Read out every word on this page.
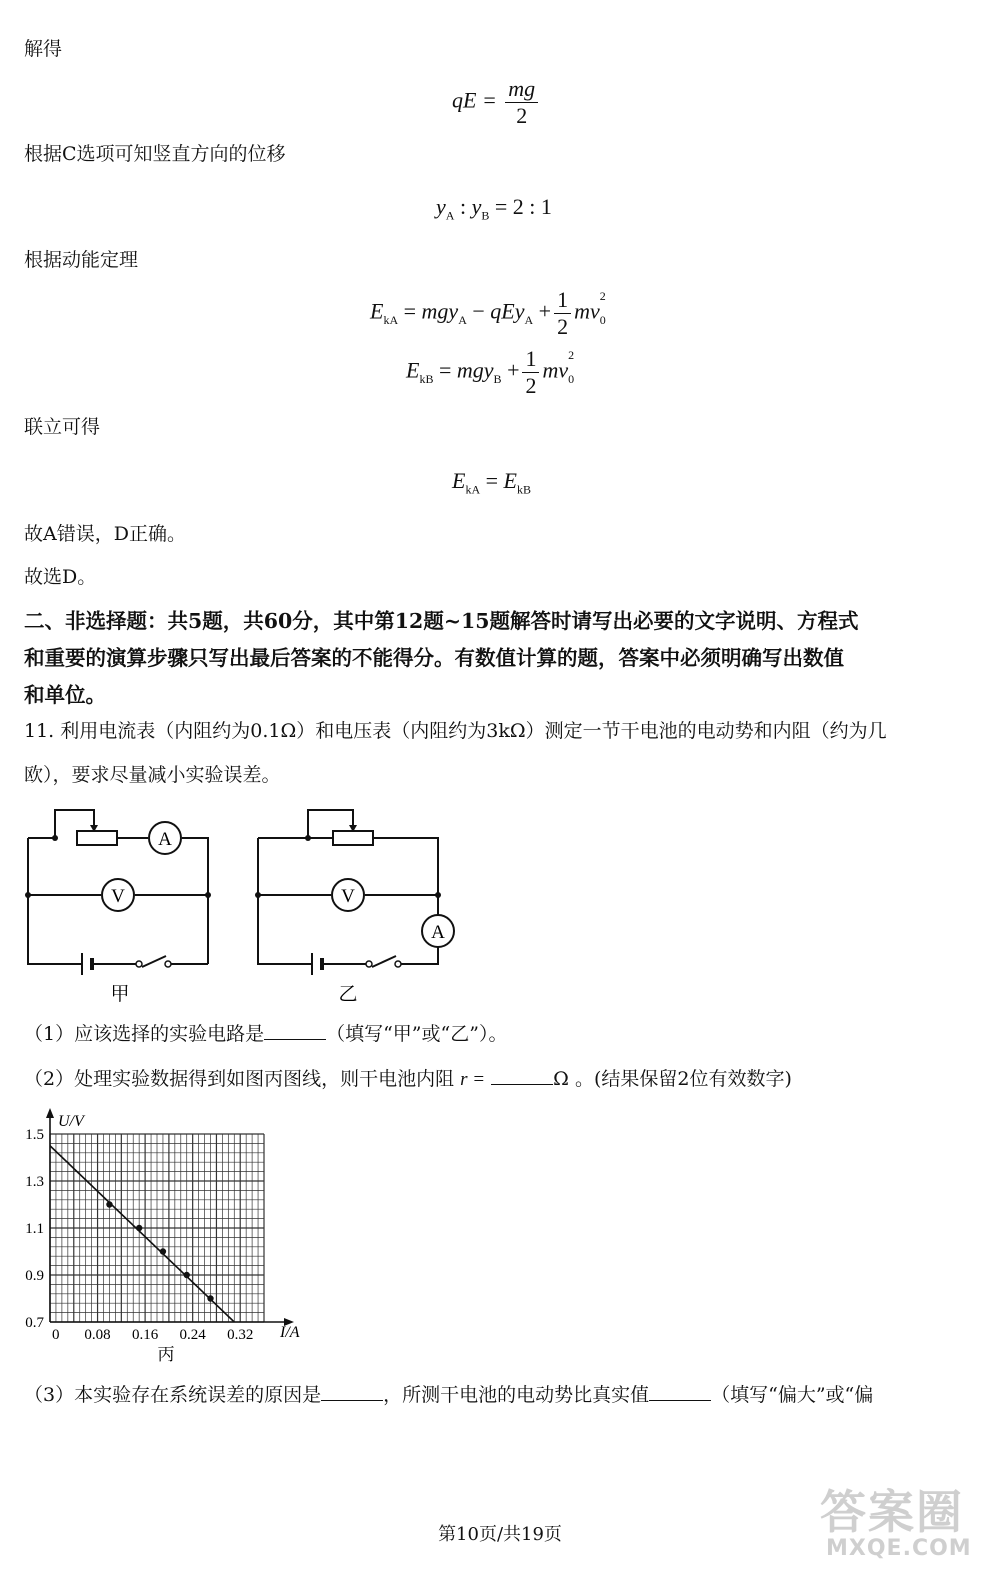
解得
qE = $\frac{mg}{2}$
根据C选项可知竖直方向的位移
$y_A$ : $y_B = 2$ : 1
根据动能定理
$E_{kA} = mgy_A - qEy_A + \frac{1}{2} mv_0^2$
$E_{kB} = mgy_B + \frac{1}{2} mv_0^2$
联立可得
$E_{kA} = E_{kB}$
故A错误，D正确。
故选D。
二、非选择题：共5题，共60分，其中第12题~15题解答时请写出必要的文字说明、方程式
和重要的演算步骤只写出最后答案的不能得分。有数值计算的题，答案中必须明确写出数值
和单位。
11. 利用电流表（内阻约为0.1Ω）和电压表（内阻约为3kΩ）测定一节干电池的电动势和内阻（约为几
欧），要求尽量减小实验误差。
A
V
甲
V
A
乙
（1）应该选择的实验电路是	（填写“甲”或“乙”）。
（2）处理实验数据得到如图丙图线，则干电池内阻 r =	Ω 。(结果保留2位有效数字)
1.5
1.3
1.1
0.9
0.7
0 0.08 0.16 0.24 0.32
U/V
I/A
丙
（3）本实验存在系统误差的原因是	，所测干电池的电动势比真实值	（填写“偏大”或“偏
第10页/共19页	答案圈
MXQE.COM
